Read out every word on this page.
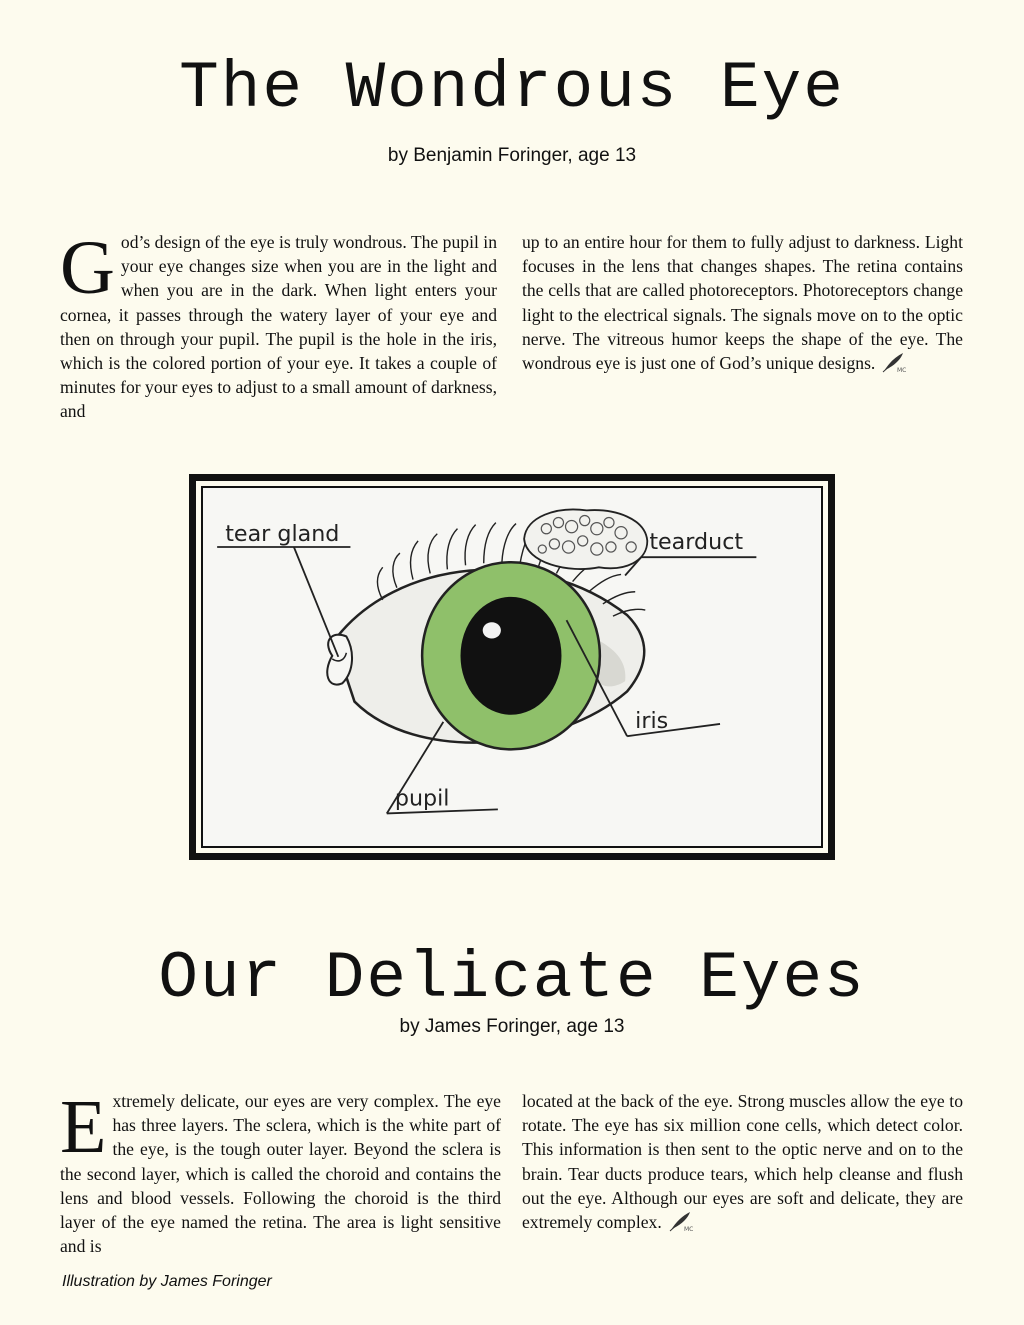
The Wondrous Eye
by Benjamin Foringer, age 13
G od’s design of the eye is truly wondrous. The pupil in your eye changes size when you are in the light and when you are in the dark. When light enters your cornea, it passes through the watery layer of your eye and then on through your pupil. The pupil is the hole in the iris, which is the colored portion of your eye. It takes a couple of minutes for your eyes to adjust to a small amount of darkness, and
up to an entire hour for them to fully adjust to darkness. Light focuses in the lens that changes shapes. The retina contains the cells that are called photoreceptors. Photoreceptors change light to the electrical signals. The signals move on to the optic nerve. The vitreous humor keeps the shape of the eye. The wondrous eye is just one of God’s unique designs.	MC
tear gland	tearduct
iris
pupil
Our Delicate Eyes
by James Foringer, age 13
E xtremely delicate, our eyes are very complex. The eye has three layers. The sclera, which is the white part of the eye, is the tough outer layer. Beyond the sclera is the second layer, which is called the choroid and contains the lens and blood vessels. Following the choroid is the third layer of the eye named the retina. The area is light sensitive and is
located at the back of the eye. Strong muscles allow the eye to rotate. The eye has six million cone cells, which detect color. This information is then sent to the optic nerve and on to the brain. Tear ducts produce tears, which help cleanse and flush out the eye. Although our eyes are soft and delicate, they are extremely complex.	MC
Illustration by James Foringer
